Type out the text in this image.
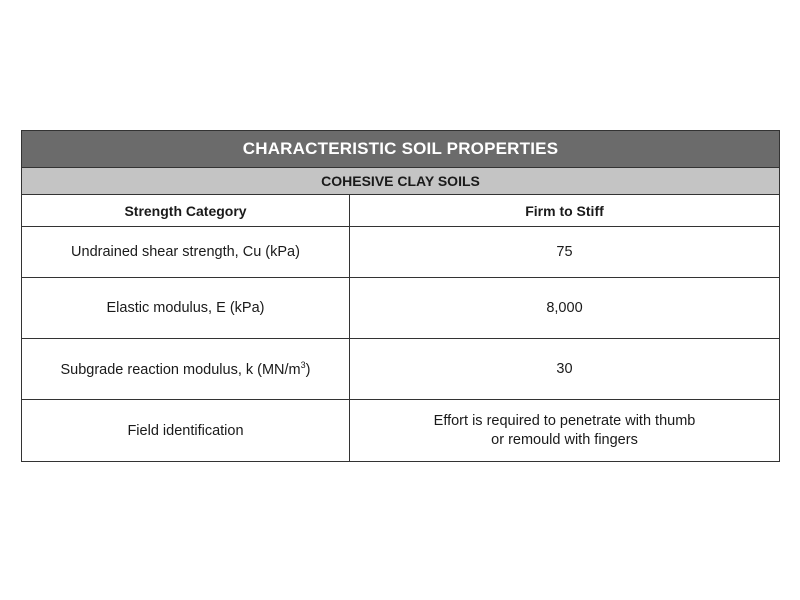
CHARACTERISTIC SOIL PROPERTIES	
COHESIVE CLAY SOILS	
Strength Category	Firm to Stiff
Undrained shear strength, Cu (kPa)	75
Elastic modulus, E (kPa)	8,000
Subgrade reaction modulus, k $(MN/m^3)$	30
Field identification	Effort is required to penetrate with thumb
or remould with fingers
